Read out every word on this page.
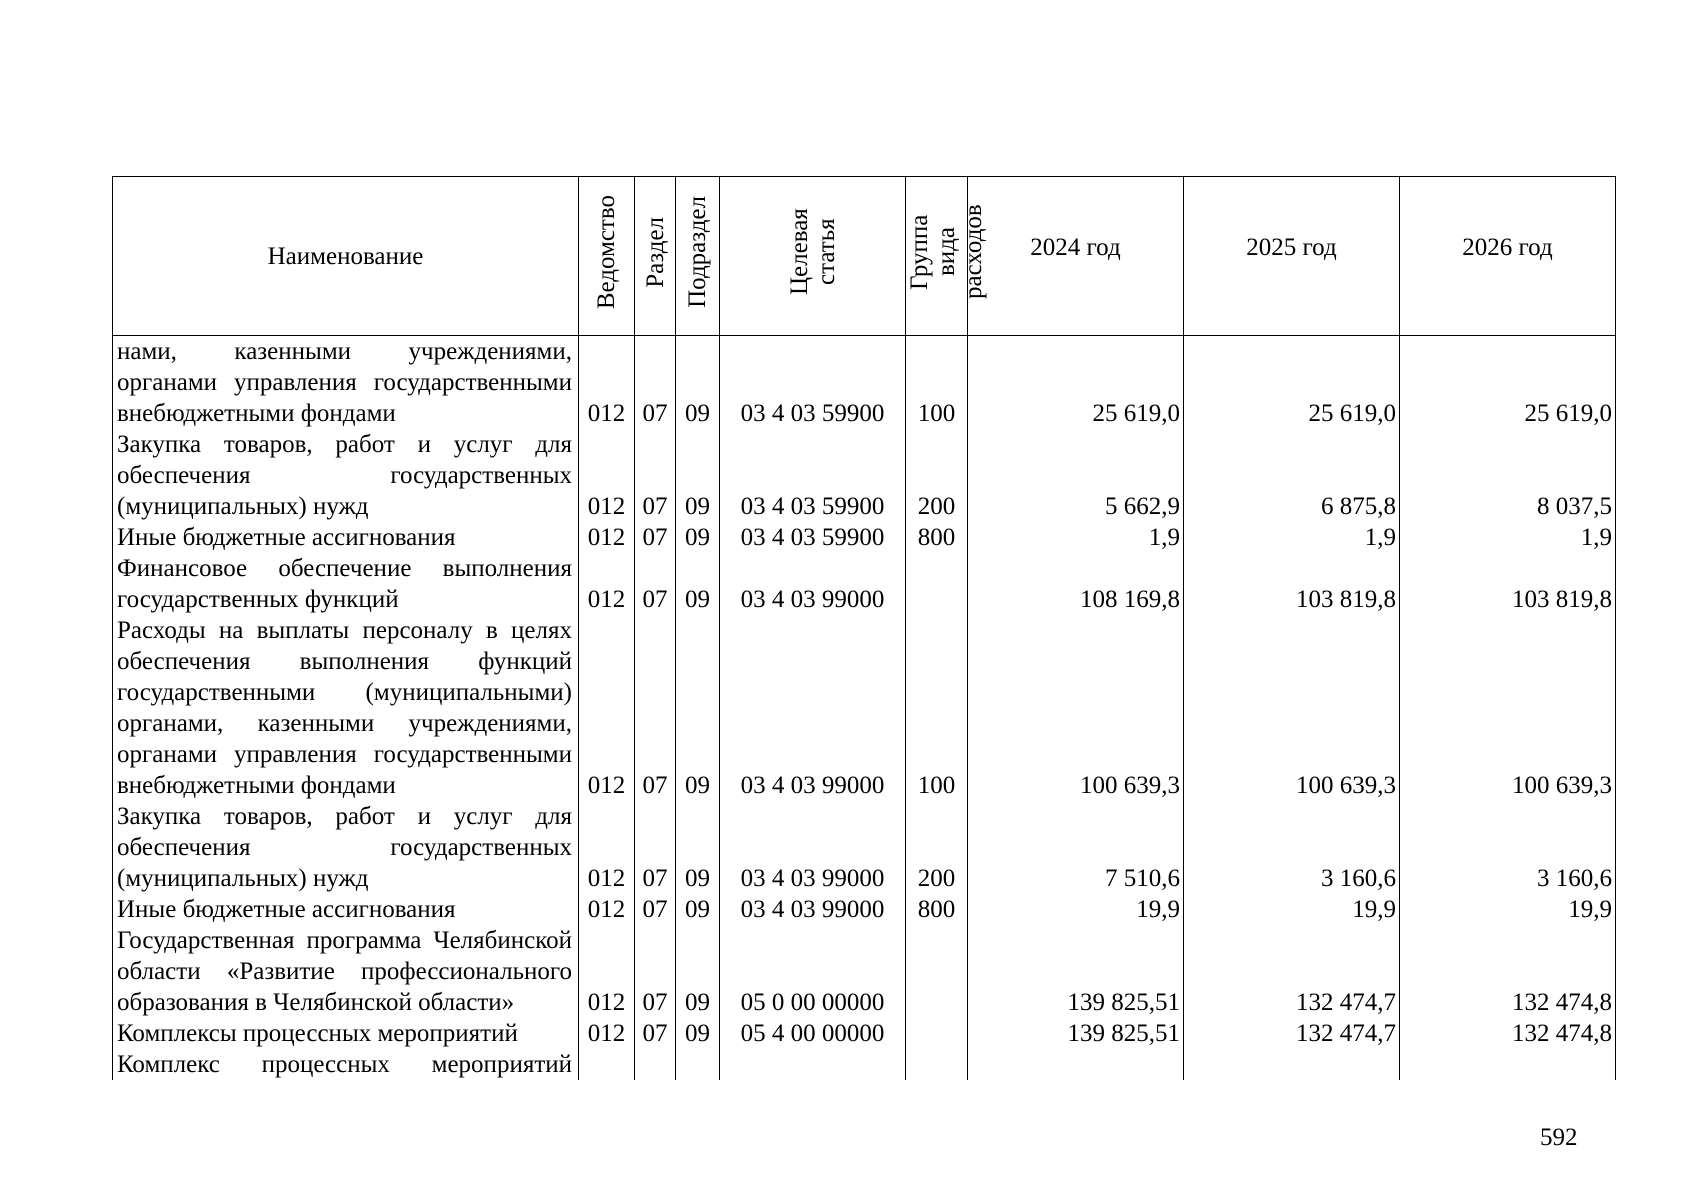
Наименование	Ведомство	Раздел	Подраздел	Целевая статья	Группа вида расходов	2024 год	2025 год	2026 год

нами, казенными учреждениями, органами управления государственными внебюджетными фондами	012	07	09	03 4 03 59900	100	25 619,0	25 619,0	25 619,0
Закупка товаров, работ и услуг для обеспечения государственных (муниципальных) нужд	012	07	09	03 4 03 59900	200	5 662,9	6 875,8	8 037,5
Иные бюджетные ассигнования	012	07	09	03 4 03 59900	800	1,9	1,9	1,9
Финансовое обеспечение выполнения государственных функций	012	07	09	03 4 03 99000		108 169,8	103 819,8	103 819,8
Расходы на выплаты персоналу в целях обеспечения выполнения функций государственными (муниципальными) органами, казенными учреждениями, органами управления государственными внебюджетными фондами	012	07	09	03 4 03 99000	100	100 639,3	100 639,3	100 639,3
Закупка товаров, работ и услуг для обеспечения государственных (муниципальных) нужд	012	07	09	03 4 03 99000	200	7 510,6	3 160,6	3 160,6
Иные бюджетные ассигнования	012	07	09	03 4 03 99000	800	19,9	19,9	19,9
Государственная программа Челябинской области «Развитие профессионального образования в Челябинской области»	012	07	09	05 0 00 00000		139 825,51	132 474,7	132 474,8
Комплексы процессных мероприятий	012	07	09	05 4 00 00000		139 825,51	132 474,7	132 474,8
Комплекс процессных мероприятий								
592
